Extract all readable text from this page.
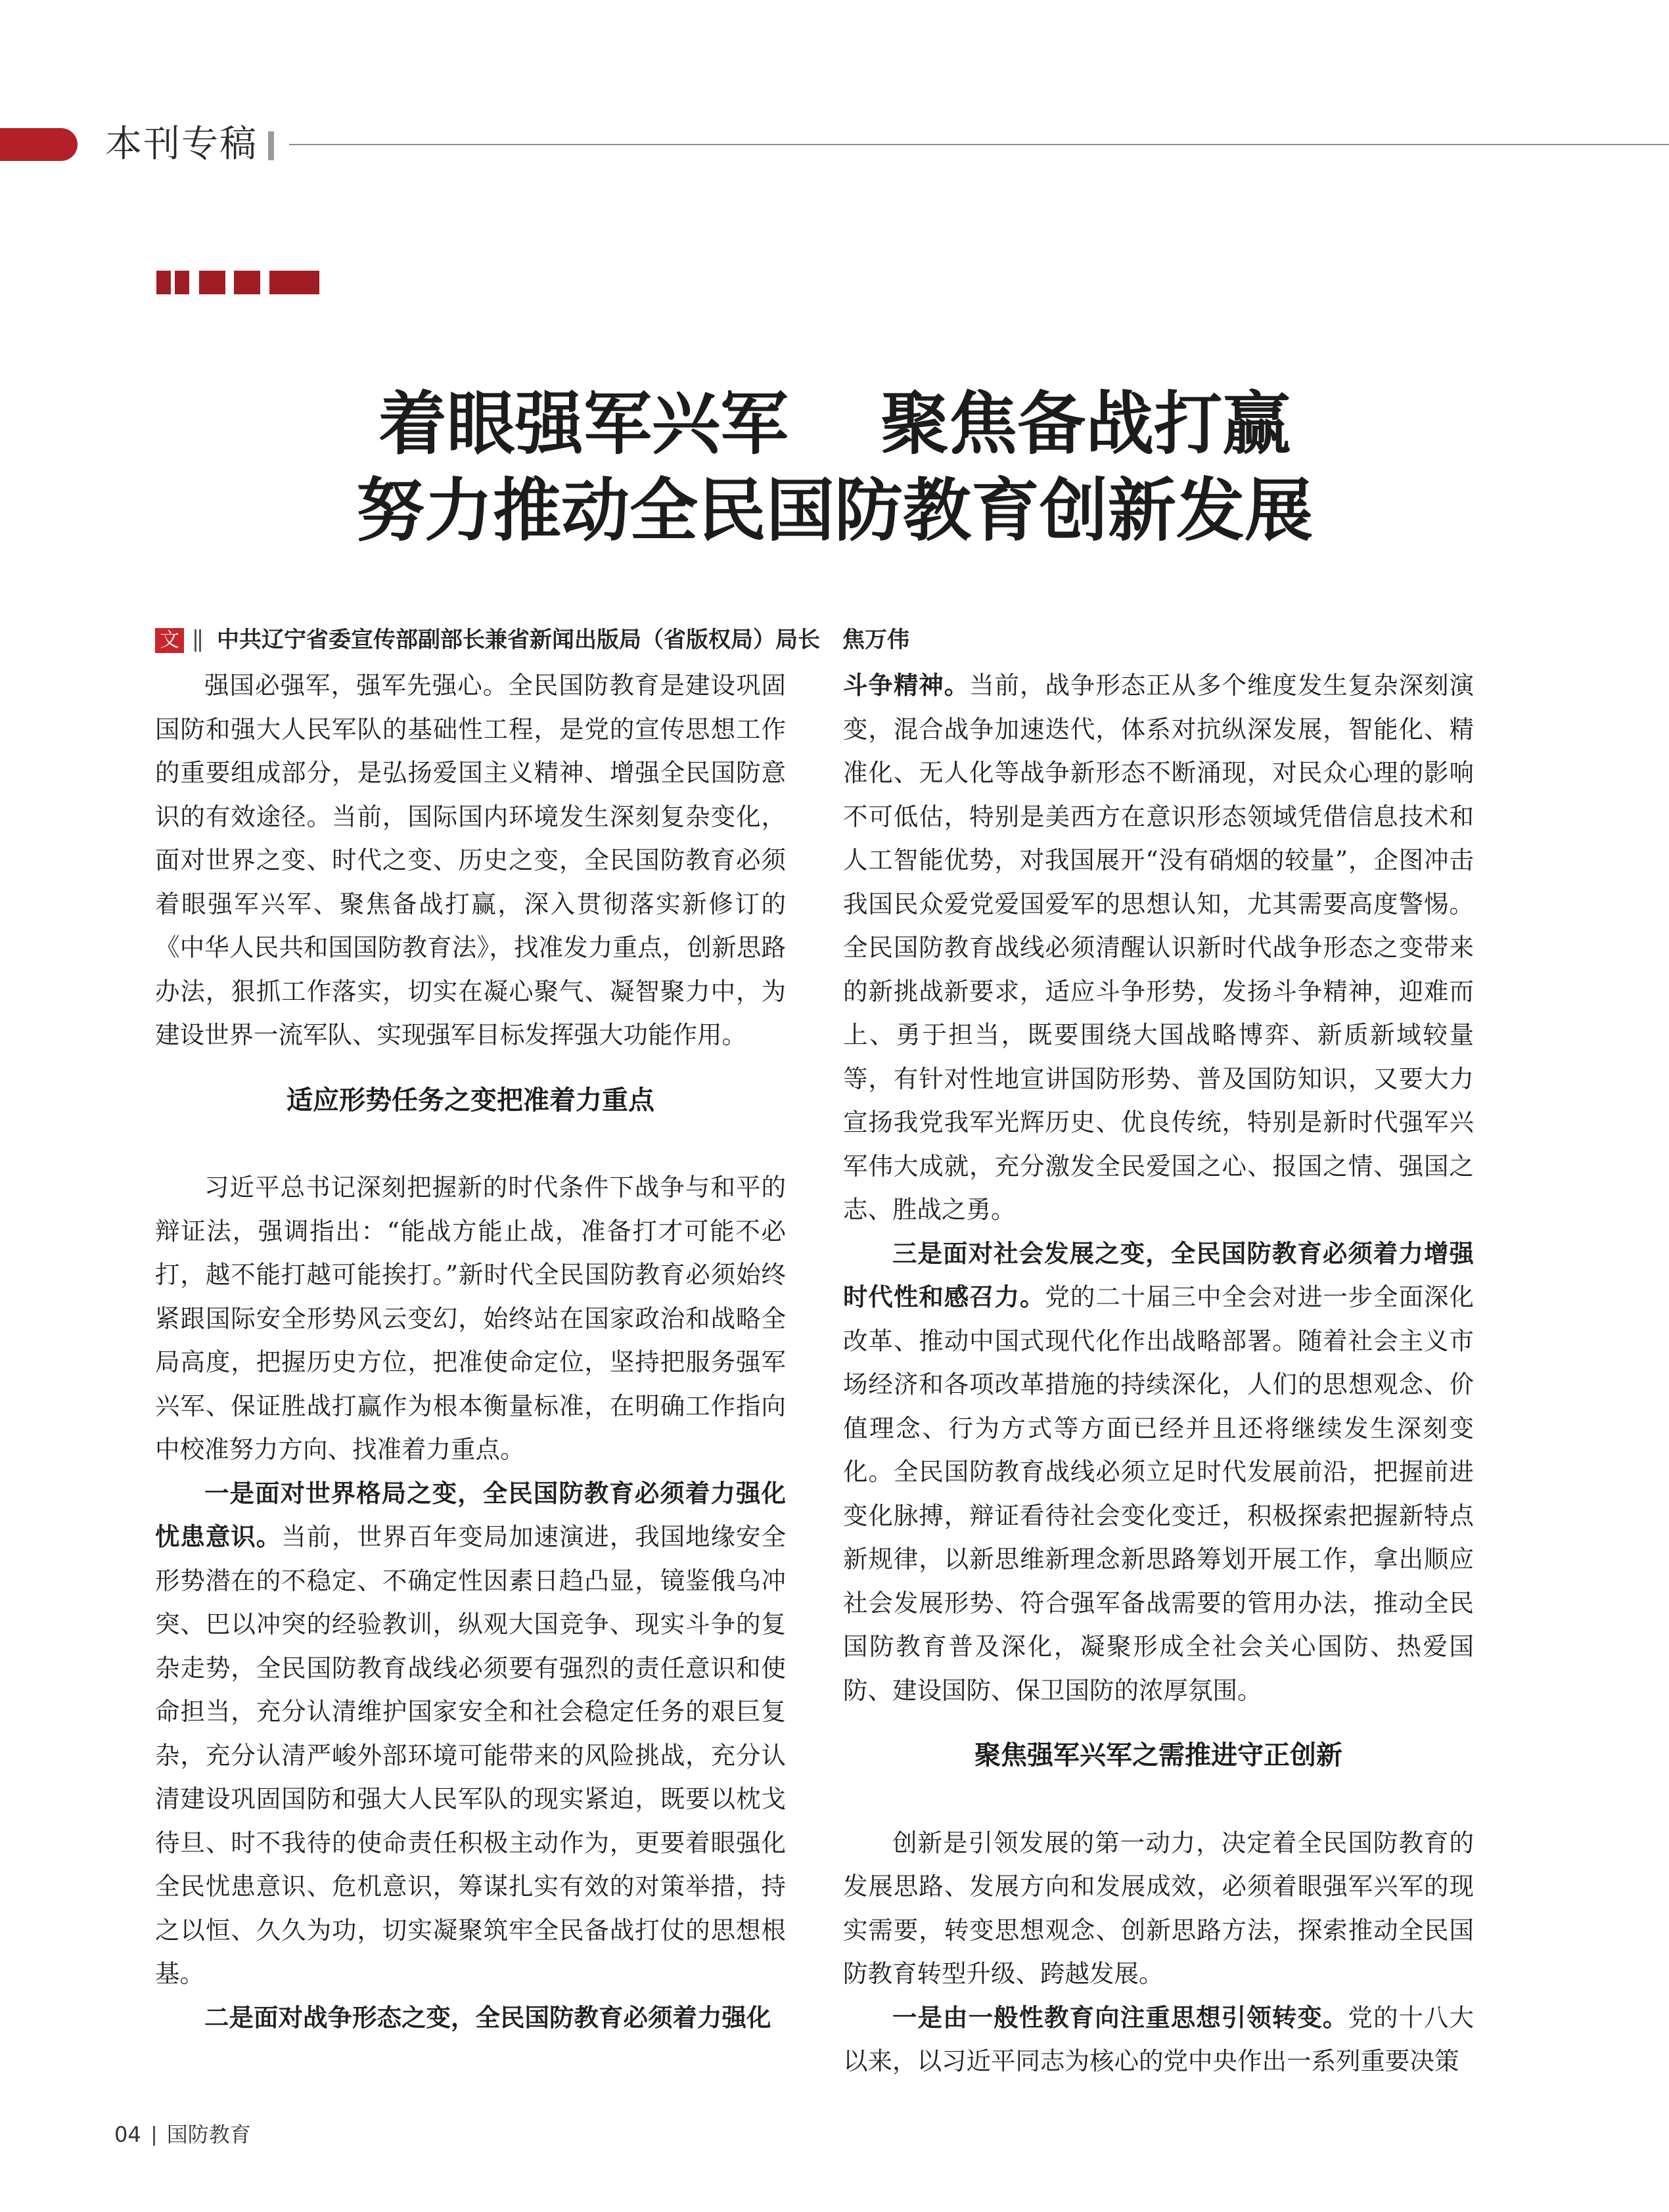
本刊专稿
着眼强军兴军　 聚焦备战打赢
努力推动全民国防教育创新发展
文 中共辽宁省委宣传部副部长兼省新闻出版局（省版权局）局长　焦万伟

强国必强军，强军先强心。全民国防教育是建设巩固国防和强大人民军队的基础性工程，是党的宣传思想工作的重要组成部分，是弘扬爱国主义精神、增强全民国防意识的有效途径。当前，国际国内环境发生深刻复杂变化，面对世界之变、时代之变、历史之变，全民国防教育必须着眼强军兴军、聚焦备战打赢，深入贯彻落实新修订的《中华人民共和国国防教育法》，找准发力重点，创新思路办法，狠抓工作落实，切实在凝心聚气、凝智聚力中，为建设世界一流军队、实现强军目标发挥强大功能作用。

适应形势任务之变把准着力重点

习近平总书记深刻把握新的时代条件下战争与和平的辩证法，强调指出：“能战方能止战，准备打才可能不必打，越不能打越可能挨打。”新时代全民国防教育必须始终紧跟国际安全形势风云变幻，始终站在国家政治和战略全局高度，把握历史方位，把准使命定位，坚持把服务强军兴军、保证胜战打赢作为根本衡量标准，在明确工作指向中校准努力方向、找准着力重点。

一是面对世界格局之变，全民国防教育必须着力强化忧患意识。当前，世界百年变局加速演进，我国地缘安全形势潜在的不稳定、不确定性因素日趋凸显，镜鉴俄乌冲突、巴以冲突的经验教训，纵观大国竞争、现实斗争的复杂走势，全民国防教育战线必须要有强烈的责任意识和使命担当，充分认清维护国家安全和社会稳定任务的艰巨复杂，充分认清严峻外部环境可能带来的风险挑战，充分认清建设巩固国防和强大人民军队的现实紧迫，既要以枕戈待旦、时不我待的使命责任积极主动作为，更要着眼强化全民忧患意识、危机意识，筹谋扎实有效的对策举措，持之以恒、久久为功，切实凝聚筑牢全民备战打仗的思想根基。

二是面对战争形态之变，全民国防教育必须着力强化

斗争精神。当前，战争形态正从多个维度发生复杂深刻演变，混合战争加速迭代，体系对抗纵深发展，智能化、精准化、无人化等战争新形态不断涌现，对民众心理的影响不可低估，特别是美西方在意识形态领域凭借信息技术和人工智能优势，对我国展开“没有硝烟的较量”，企图冲击我国民众爱党爱国爱军的思想认知，尤其需要高度警惕。全民国防教育战线必须清醒认识新时代战争形态之变带来的新挑战新要求，适应斗争形势，发扬斗争精神，迎难而上、勇于担当，既要围绕大国战略博弈、新质新域较量等，有针对性地宣讲国防形势、普及国防知识，又要大力宣扬我党我军光辉历史、优良传统，特别是新时代强军兴军伟大成就，充分激发全民爱国之心、报国之情、强国之志、胜战之勇。

三是面对社会发展之变，全民国防教育必须着力增强时代性和感召力。党的二十届三中全会对进一步全面深化改革、推动中国式现代化作出战略部署。随着社会主义市场经济和各项改革措施的持续深化，人们的思想观念、价值理念、行为方式等方面已经并且还将继续发生深刻变化。全民国防教育战线必须立足时代发展前沿，把握前进变化脉搏，辩证看待社会变化变迁，积极探索把握新特点新规律，以新思维新理念新思路筹划开展工作，拿出顺应社会发展形势、符合强军备战需要的管用办法，推动全民国防教育普及深化，凝聚形成全社会关心国防、热爱国防、建设国防、保卫国防的浓厚氛围。

聚焦强军兴军之需推进守正创新

创新是引领发展的第一动力，决定着全民国防教育的发展思路、发展方向和发展成效，必须着眼强军兴军的现实需要，转变思想观念、创新思路方法，探索推动全民国防教育转型升级、跨越发展。

一是由一般性教育向注重思想引领转变。党的十八大以来，以习近平同志为核心的党中央作出一系列重要决策

04 国防教育
